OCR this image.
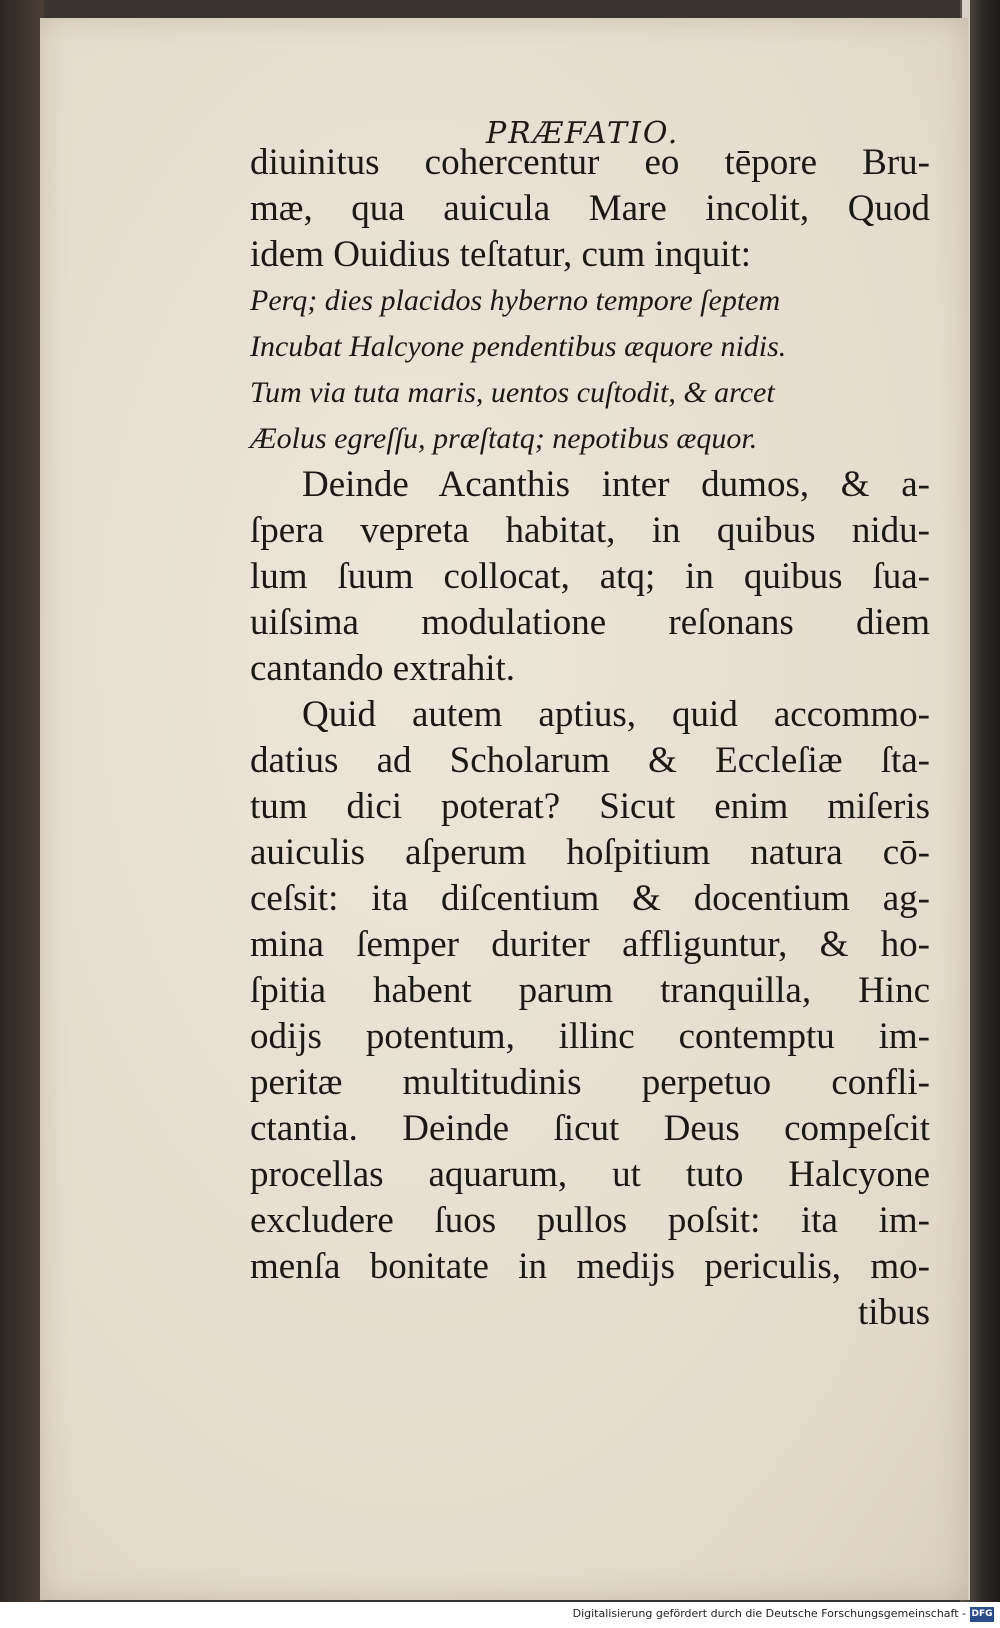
PRÆFATIO.
diuinitus cohercentur eo tēpore Bru-
mæ, qua auicula Mare incolit, Quod
idem Ouidius teſtatur, cum inquit:
Perq; dies placidos hyberno tempore ſeptem
Incubat Halcyone pendentibus æquore nidis.
Tum via tuta maris, uentos cuſtodit, & arcet
Æolus egreſſu, præſtatq; nepotibus æquor.
Deinde Acanthis inter dumos, & a-
ſpera vepreta habitat, in quibus nidu-
lum ſuum collocat, atq; in quibus ſua-
uiſsima modulatione reſonans diem
cantando extrahit.
Quid autem aptius, quid accommo-
datius ad Scholarum & Eccleſiæ ſta-
tum dici poterat? Sicut enim miſeris
auiculis aſperum hoſpitium natura cō-
ceſsit: ita diſcentium & docentium ag-
mina ſemper duriter affliguntur, & ho-
ſpitia habent parum tranquilla, Hinc
odijs potentum, illinc contemptu im-
peritæ multitudinis perpetuo confli-
ctantia. Deinde ſicut Deus compeſcit
procellas aquarum, ut tuto Halcyone
excludere ſuos pullos poſsit: ita im-
menſa bonitate in medijs periculis, mo-
tibus
Digitalisierung gefördert durch die Deutsche Forschungsgemeinschaft - DFG
